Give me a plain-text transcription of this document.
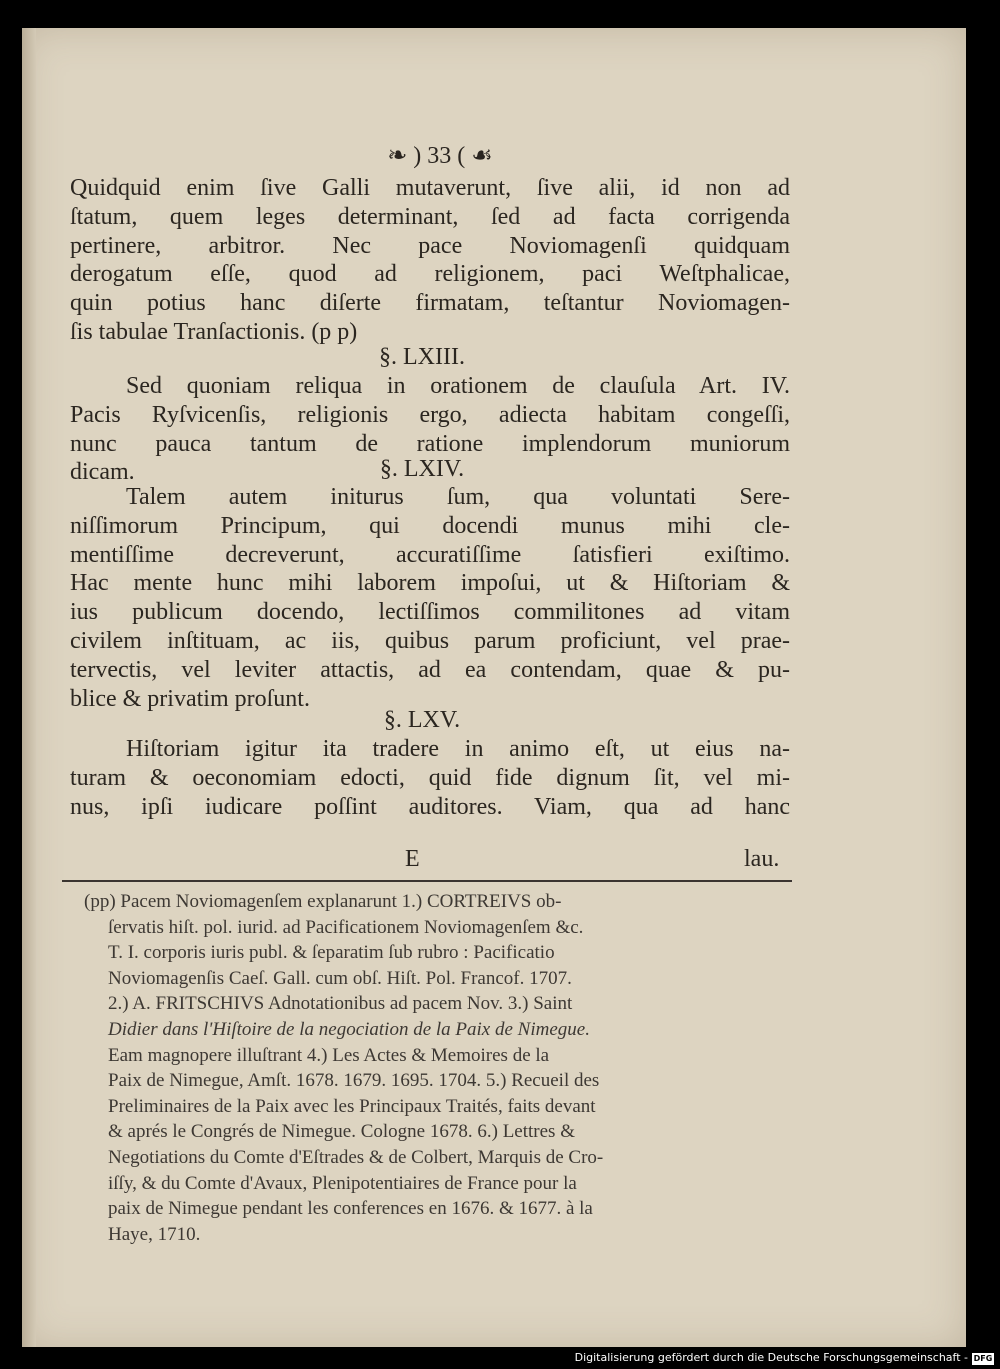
❧ ) 33 ( ☙
Quidquid enim ſive Galli mutaverunt, ſive alii, id non ad
ſtatum, quem leges determinant, ſed ad facta corrigenda
pertinere, arbitror. Nec pace Noviomagenſi quidquam
derogatum eſſe, quod ad religionem, paci Weſtphalicae,
quin potius hanc diſerte firmatam, teſtantur Noviomagen-
ſis tabulae Tranſactionis. (p p)
§. LXIII.
Sed quoniam reliqua in orationem de clauſula Art. IV.
Pacis Ryſvicenſis, religionis ergo, adiecta habitam congeſſi,
nunc pauca tantum de ratione implendorum muniorum
dicam.	§. LXIV.
Talem autem initurus ſum, qua voluntati Sere-
niſſimorum Principum, qui docendi munus mihi cle-
mentiſſime decreverunt, accuratiſſime ſatisfieri exiſtimo.
Hac mente hunc mihi laborem impoſui, ut & Hiſtoriam &
ius publicum docendo, lectiſſimos commilitones ad vitam
civilem inſtituam, ac iis, quibus parum proficiunt, vel prae-
tervectis, vel leviter attactis, ad ea contendam, quae & pu-
blice & privatim proſunt.
§. LXV.
Hiſtoriam igitur ita tradere in animo eſt, ut eius na-
turam & oeconomiam edocti, quid fide dignum ſit, vel mi-
nus, ipſi iudicare poſſint auditores. Viam, qua ad hanc
E	lau.
(pp) Pacem Noviomagenſem explanarunt 1.) CORTREIVS ob-
ſervatis hiſt. pol. iurid. ad Pacificationem Noviomagenſem &c.
T. I. corporis iuris publ. & ſeparatim ſub rubro : Pacificatio
Noviomagenſis Caeſ. Gall. cum obſ. Hiſt. Pol. Francof. 1707.
2.) A. FRITSCHIVS Adnotationibus ad pacem Nov. 3.) Saint
Didier dans l'Hiſtoire de la negociation de la Paix de Nimegue.
Eam magnopere illuſtrant 4.) Les Actes & Memoires de la
Paix de Nimegue, Amſt. 1678. 1679. 1695. 1704. 5.) Recueil des
Preliminaires de la Paix avec les Principaux Traités, faits devant
& aprés le Congrés de Nimegue. Cologne 1678. 6.) Lettres &
Negotiations du Comte d'Eſtrades & de Colbert, Marquis de Cro-
iſſy, & du Comte d'Avaux, Plenipotentiaires de France pour la
paix de Nimegue pendant les conferences en 1676. & 1677. à la
Haye, 1710.
Digitalisierung gefördert durch die Deutsche Forschungsgemeinschaft - DFG
